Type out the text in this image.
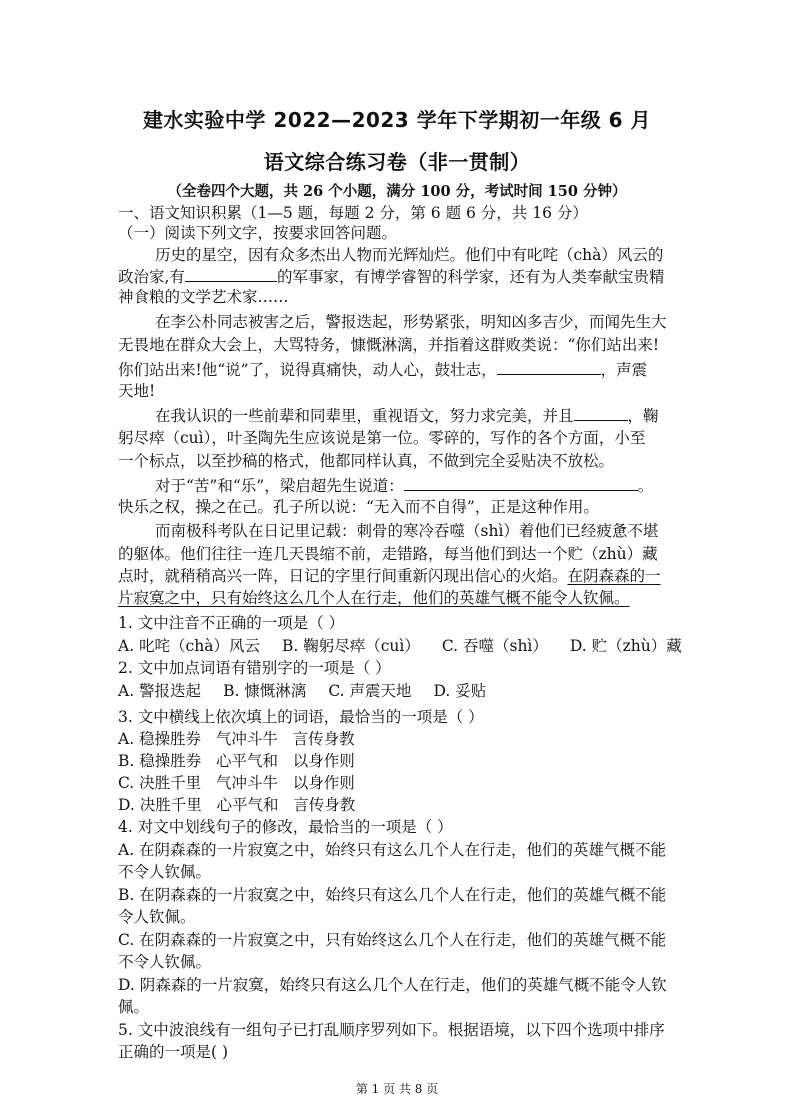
建水实验中学 2022—2023 学年下学期初一年级 6 月
语文综合练习卷（非一贯制）
（全卷四个大题，共 26 个小题，满分 100 分，考试时间 150 分钟）
一、语文知识积累（1—5 题，每题 2 分，第 6 题 6 分，共 16 分）
（一）阅读下列文字，按要求回答问题。
历史的星空，因有众多杰出人物而光辉灿烂。他们中有叱咤（chà）风云的
政治家,有	的军事家，有博学睿智的科学家，还有为人类奉献宝贵精
神食粮的文学艺术家……
在李公朴同志被害之后，警报迭起，形势紧张，明知凶多吉少，而闻先生大
无畏地在群众大会上，大骂特务，慷慨淋漓，并指着这群败类说：“你们站出来!
你们站出来!他“说”了，说得真痛快，动人心，鼓壮志，	，声震
天地!
在我认识的一些前辈和同辈里，重视语文，努力求完美，并且	，鞠
躬尽瘁（cuì），叶圣陶先生应该说是第一位。零碎的，写作的各个方面，小至
一个标点，以至抄稿的格式，他都同样认真，不做到完全妥贴决不放松。
对于“苦”和“乐”，梁启超先生说道：	。
快乐之权，操之在己。孔子所以说：“无入而不自得”，正是这种作用。
而南极科考队在日记里记载：刺骨的寒冷吞噬（shì）着他们已经疲惫不堪
的躯体。他们往往一连几天畏缩不前，走错路，每当他们到达一个贮（zhù）藏
点时，就稍稍高兴一阵，日记的字里行间重新闪现出信心的火焰。在阴森森的一
片寂寞之中，只有始终这么几个人在行走，他们的英雄气概不能令人钦佩。
1. 文中注音不正确的一项是（ ）
A. 叱咤（chà）风云 B. 鞠躬尽瘁（cuì） C. 吞噬（shì） D. 贮（zhù）藏
2. 文中加点词语有错别字的一项是（ ）
A. 警报迭起 B. 慷慨淋漓 C. 声震天地 D. 妥贴
3. 文中横线上依次填上的词语，最恰当的一项是（ ）
A. 稳操胜券   气冲斗牛   言传身教
B. 稳操胜券   心平气和   以身作则
C. 决胜千里   气冲斗牛   以身作则
D. 决胜千里   心平气和   言传身教
4. 对文中划线句子的修改，最恰当的一项是（ ）
A. 在阴森森的一片寂寞之中，始终只有这么几个人在行走，他们的英雄气概不能
不令人钦佩。
B. 在阴森森的一片寂寞之中，始终只有这么几个人在行走，他们的英雄气概不能
令人钦佩。
C. 在阴森森的一片寂寞之中，只有始终这么几个人在行走，他们的英雄气概不能
不令人钦佩。
D. 阴森森的一片寂寞，始终只有这么几个人在行走，他们的英雄气概不能令人钦
佩。
5. 文中波浪线有一组句子已打乱顺序罗列如下。根据语境，以下四个选项中排序
正确的一项是( )
第 1 页 共 8 页
